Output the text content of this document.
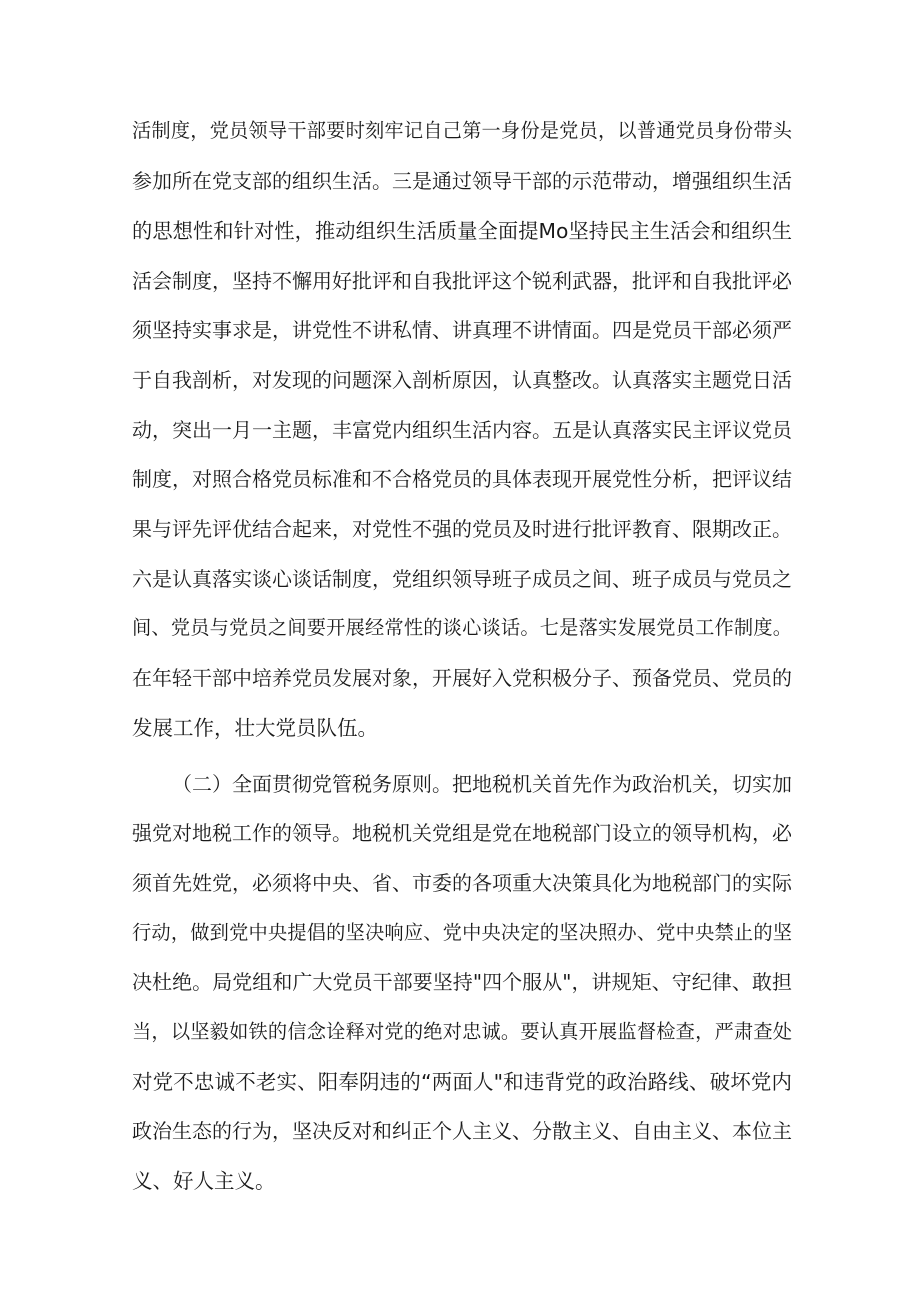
活制度，党员领导干部要时刻牢记自己第一身份是党员，以普通党员身份带头
参加所在党支部的组织生活。三是通过领导干部的示范带动，增强组织生活
的思想性和针对性，推动组织生活质量全面提Mo坚持民主生活会和组织生
活会制度，坚持不懈用好批评和自我批评这个锐利武器，批评和自我批评必
须坚持实事求是，讲党性不讲私情、讲真理不讲情面。四是党员干部必须严
于自我剖析，对发现的问题深入剖析原因，认真整改。认真落实主题党日活
动，突出一月一主题，丰富党内组织生活内容。五是认真落实民主评议党员
制度，对照合格党员标准和不合格党员的具体表现开展党性分析，把评议结
果与评先评优结合起来，对党性不强的党员及时进行批评教育、限期改正。
六是认真落实谈心谈话制度，党组织领导班子成员之间、班子成员与党员之
间、党员与党员之间要开展经常性的谈心谈话。七是落实发展党员工作制度。
在年轻干部中培养党员发展对象，开展好入党积极分子、预备党员、党员的
发展工作，壮大党员队伍。
（二）全面贯彻党管税务原则。把地税机关首先作为政治机关，切实加
强党对地税工作的领导。地税机关党组是党在地税部门设立的领导机构，必
须首先姓党，必须将中央、省、市委的各项重大决策具化为地税部门的实际
行动，做到党中央提倡的坚决响应、党中央决定的坚决照办、党中央禁止的坚
决杜绝。局党组和广大党员干部要坚持"四个服从"，讲规矩、守纪律、敢担
当，以坚毅如铁的信念诠释对党的绝对忠诚。要认真开展监督检查，严肃查处
对党不忠诚不老实、阳奉阴违的“两面人"和违背党的政治路线、破坏党内
政治生态的行为，坚决反对和纠正个人主义、分散主义、自由主义、本位主
义、好人主义。
